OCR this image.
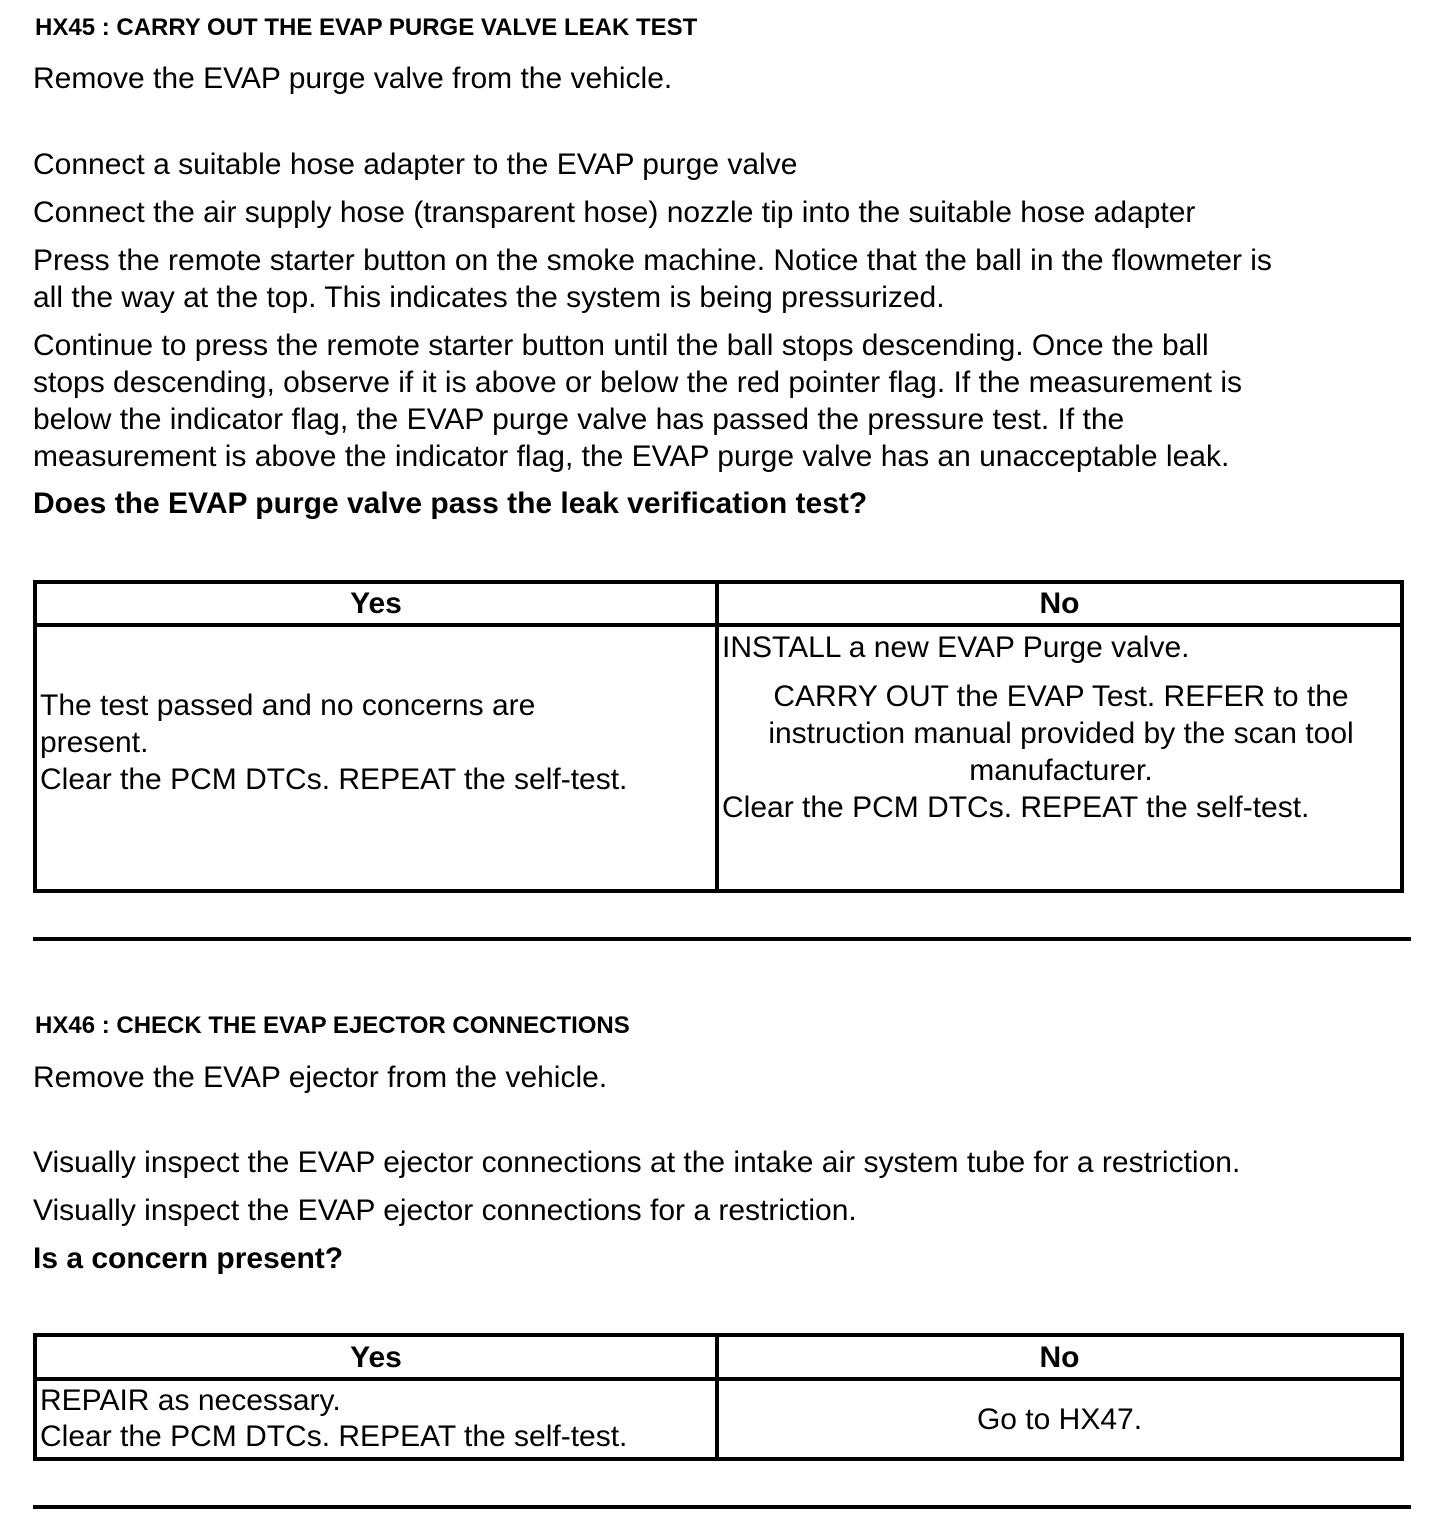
HX45 : CARRY OUT THE EVAP PURGE VALVE LEAK TEST
Remove the EVAP purge valve from the vehicle.
Connect a suitable hose adapter to the EVAP purge valve
Connect the air supply hose (transparent hose) nozzle tip into the suitable hose adapter
Press the remote starter button on the smoke machine. Notice that the ball in the flowmeter is
all the way at the top. This indicates the system is being pressurized.
Continue to press the remote starter button until the ball stops descending. Once the ball
stops descending, observe if it is above or below the red pointer flag. If the measurement is
below the indicator flag, the EVAP purge valve has passed the pressure test. If the
measurement is above the indicator flag, the EVAP purge valve has an unacceptable leak.
Does the EVAP purge valve pass the leak verification test?
Yes	No

The test passed and no concerns are
present.
Clear the PCM DTCs. REPEAT the self-test.	INSTALL a new EVAP Purge valve.
CARRY OUT the EVAP Test. REFER to the
instruction manual provided by the scan tool
manufacturer.
Clear the PCM DTCs. REPEAT the self-test.
HX46 : CHECK THE EVAP EJECTOR CONNECTIONS
Remove the EVAP ejector from the vehicle.
Visually inspect the EVAP ejector connections at the intake air system tube for a restriction.
Visually inspect the EVAP ejector connections for a restriction.
Is a concern present?
Yes	No

REPAIR as necessary.
Clear the PCM DTCs. REPEAT the self-test.	Go to HX47.
